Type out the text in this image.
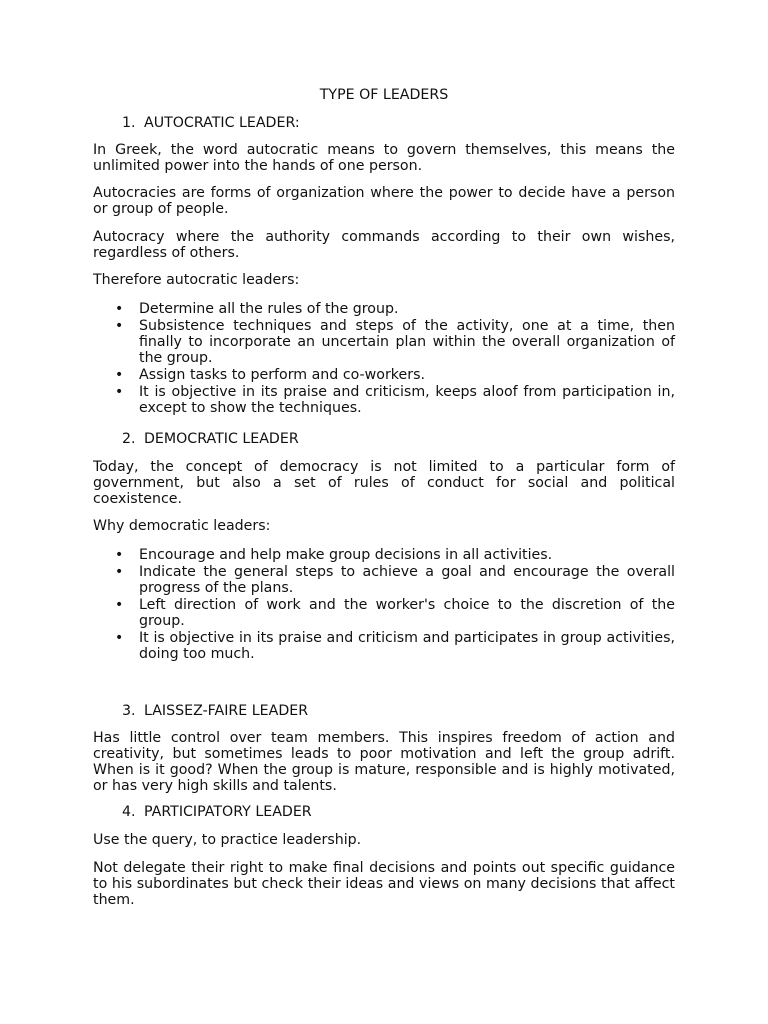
TYPE OF LEADERS
1. AUTOCRATIC LEADER:

In Greek, the word autocratic means to govern themselves, this means the unlimited power into the hands of one person.

Autocracies are forms of organization where the power to decide have a person or group of people.

Autocracy where the authority commands according to their own wishes, regardless of others.

Therefore autocratic leaders:

• Determine all the rules of the group.
• Subsistence techniques and steps of the activity, one at a time, then finally to incorporate an uncertain plan within the overall organization of the group.
• Assign tasks to perform and co-workers.
• It is objective in its praise and criticism, keeps aloof from participation in, except to show the techniques.
2. DEMOCRATIC LEADER

Today, the concept of democracy is not limited to a particular form of government, but also a set of rules of conduct for social and political coexistence.

Why democratic leaders:

• Encourage and help make group decisions in all activities.
• Indicate the general steps to achieve a goal and encourage the overall progress of the plans.
• Left direction of work and the worker's choice to the discretion of the group.
• It is objective in its praise and criticism and participates in group activities, doing too much.
3. LAISSEZ-FAIRE LEADER

Has little control over team members. This inspires freedom of action and creativity, but sometimes leads to poor motivation and left the group adrift. When is it good? When the group is mature, responsible and is highly motivated, or has very high skills and talents.

4. PARTICIPATORY LEADER

Use the query, to practice leadership.

Not delegate their right to make final decisions and points out specific guidance to his subordinates but check their ideas and views on many decisions that affect them.
